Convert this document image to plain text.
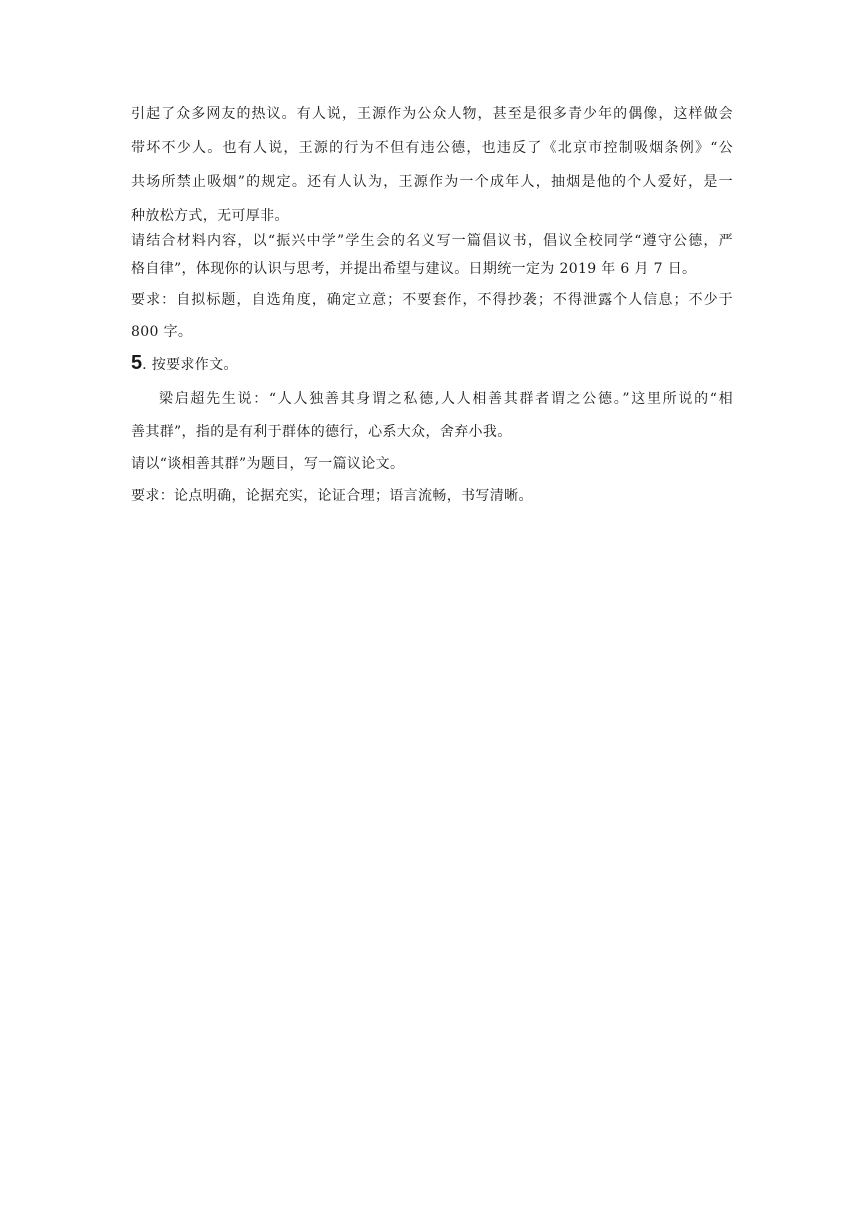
引起了众多网友的热议。有人说，王源作为公众人物，甚至是很多青少年的偶像，这样做会
带坏不少人。也有人说，王源的行为不但有违公德，也违反了《北京市控制吸烟条例》“公
共场所禁止吸烟”的规定。还有人认为，王源作为一个成年人，抽烟是他的个人爱好，是一
种放松方式，无可厚非。
请结合材料内容，以“振兴中学”学生会的名义写一篇倡议书，倡议全校同学“遵守公德，严
格自律”，体现你的认识与思考，并提出希望与建议。日期统一定为 2019 年 6 月 7 日。
要求：自拟标题，自选角度，确定立意；不要套作，不得抄袭；不得泄露个人信息；不少于
800 字。
5 . 按要求作文。
梁启超先生说：“人人独善其身谓之私德,人人相善其群者谓之公德。”这里所说的“相
善其群”，指的是有利于群体的德行，心系大众，舍弃小我。
请以“谈相善其群”为题目，写一篇议论文。
要求：论点明确，论据充实，论证合理；语言流畅，书写清晰。
